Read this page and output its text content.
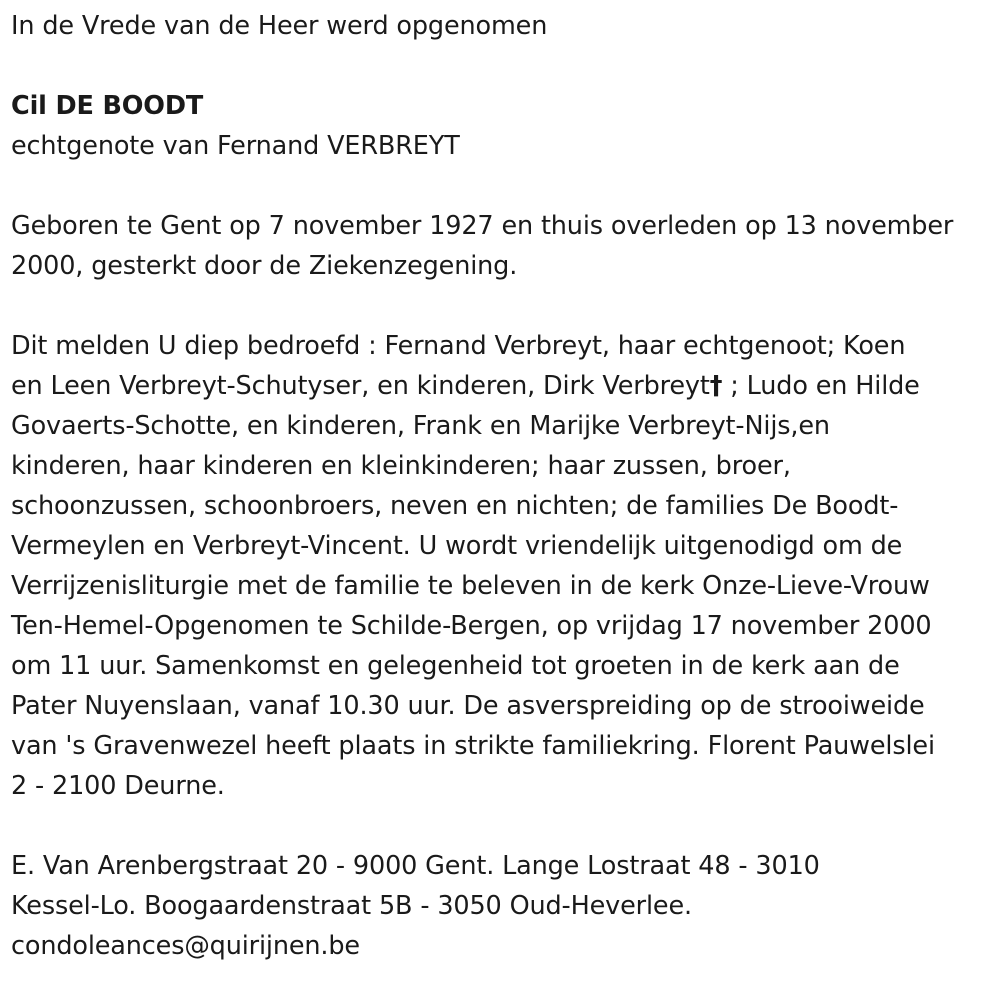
In de Vrede van de Heer werd opgenomen

Cil DE BOODT

echtgenote van Fernand VERBREYT

Geboren te Gent op 7 november 1927 en thuis overleden op 13 november

2000, gesterkt door de Ziekenzegening.

Dit melden U diep bedroefd : Fernand Verbreyt, haar echtgenoot; Koen

en Leen Verbreyt-Schutyser, en kinderen, Dirk Verbreyt† ; Ludo en Hilde

Govaerts-Schotte, en kinderen, Frank en Marijke Verbreyt-Nijs,en

kinderen, haar kinderen en kleinkinderen; haar zussen, broer,

schoonzussen, schoonbroers, neven en nichten; de families De Boodt-

Vermeylen en Verbreyt-Vincent. U wordt vriendelijk uitgenodigd om de

Verrijzenisliturgie met de familie te beleven in de kerk Onze-Lieve-Vrouw

Ten-Hemel-Opgenomen te Schilde-Bergen, op vrijdag 17 november 2000

om 11 uur. Samenkomst en gelegenheid tot groeten in de kerk aan de

Pater Nuyenslaan, vanaf 10.30 uur. De asverspreiding op de strooiweide

van 's Gravenwezel heeft plaats in strikte familiekring. Florent Pauwelslei

2 - 2100 Deurne.

E. Van Arenbergstraat 20 - 9000 Gent. Lange Lostraat 48 - 3010

Kessel-Lo. Boogaardenstraat 5B - 3050 Oud-Heverlee.

condoleances@quirijnen.be
